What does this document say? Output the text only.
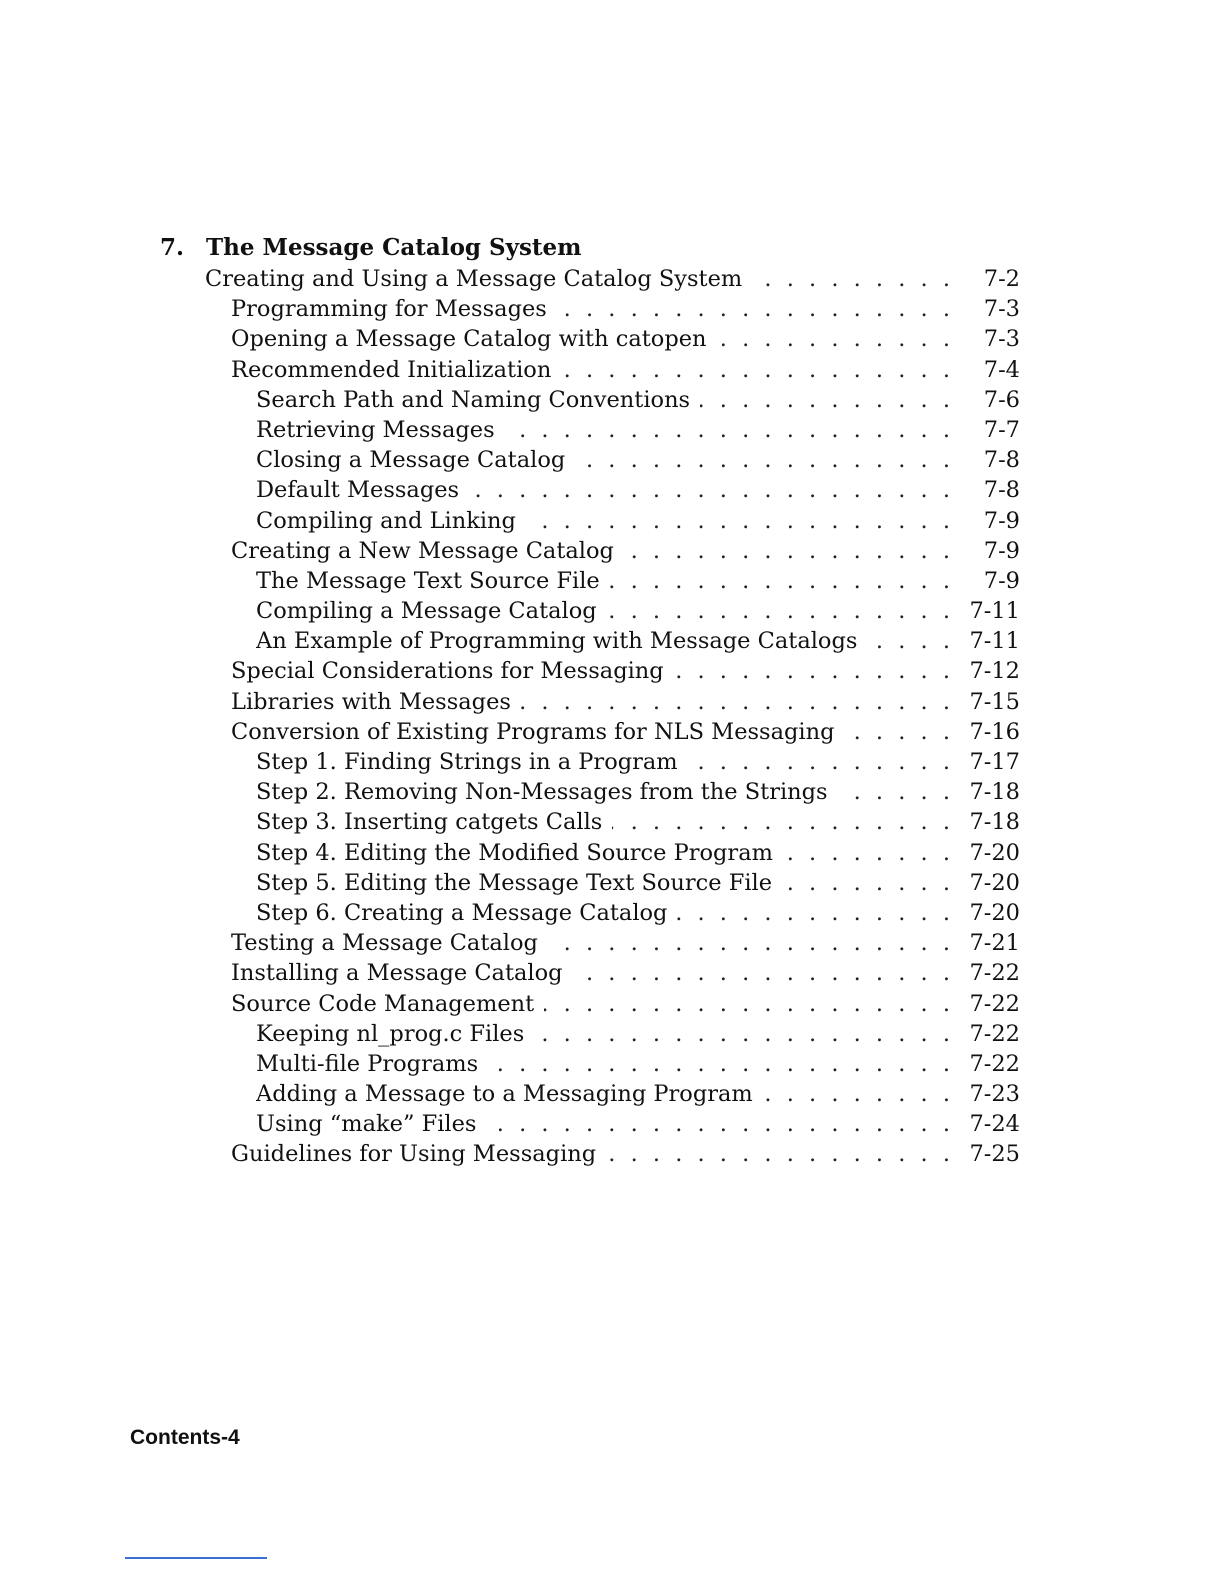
7. The Message Catalog System
Creating and Using a Message Catalog System . . .	7-2
Programming for Messages . . .	7-3
Opening a Message Catalog with catopen . . .	7-3
Recommended Initialization . . .	7-4
Search Path and Naming Conventions . . .	7-6
Retrieving Messages . . .	7-7
Closing a Message Catalog . . .	7-8
Default Messages . . .	7-8
Compiling and Linking . . .	7-9
Creating a New Message Catalog . . .	7-9
The Message Text Source File . . .	7-9
Compiling a Message Catalog . . .	7-11
An Example of Programming with Message Catalogs . . .	7-11
Special Considerations for Messaging . . .	7-12
Libraries with Messages . . .	7-15
Conversion of Existing Programs for NLS Messaging . . .	7-16
Step 1. Finding Strings in a Program . . .	7-17
Step 2. Removing Non-Messages from the Strings . . .	7-18
Step 3. Inserting catgets Calls . . .	7-18
Step 4. Editing the Modified Source Program . . .	7-20
Step 5. Editing the Message Text Source File . . .	7-20
Step 6. Creating a Message Catalog . . .	7-20
Testing a Message Catalog . . .	7-21
Installing a Message Catalog . . .	7-22
Source Code Management . . .	7-22
Keeping nl_prog.c Files . . .	7-22
Multi-file Programs . . .	7-22
Adding a Message to a Messaging Program . . .	7-23
Using “make” Files . . .	7-24
Guidelines for Using Messaging . . .	7-25
Contents-4
